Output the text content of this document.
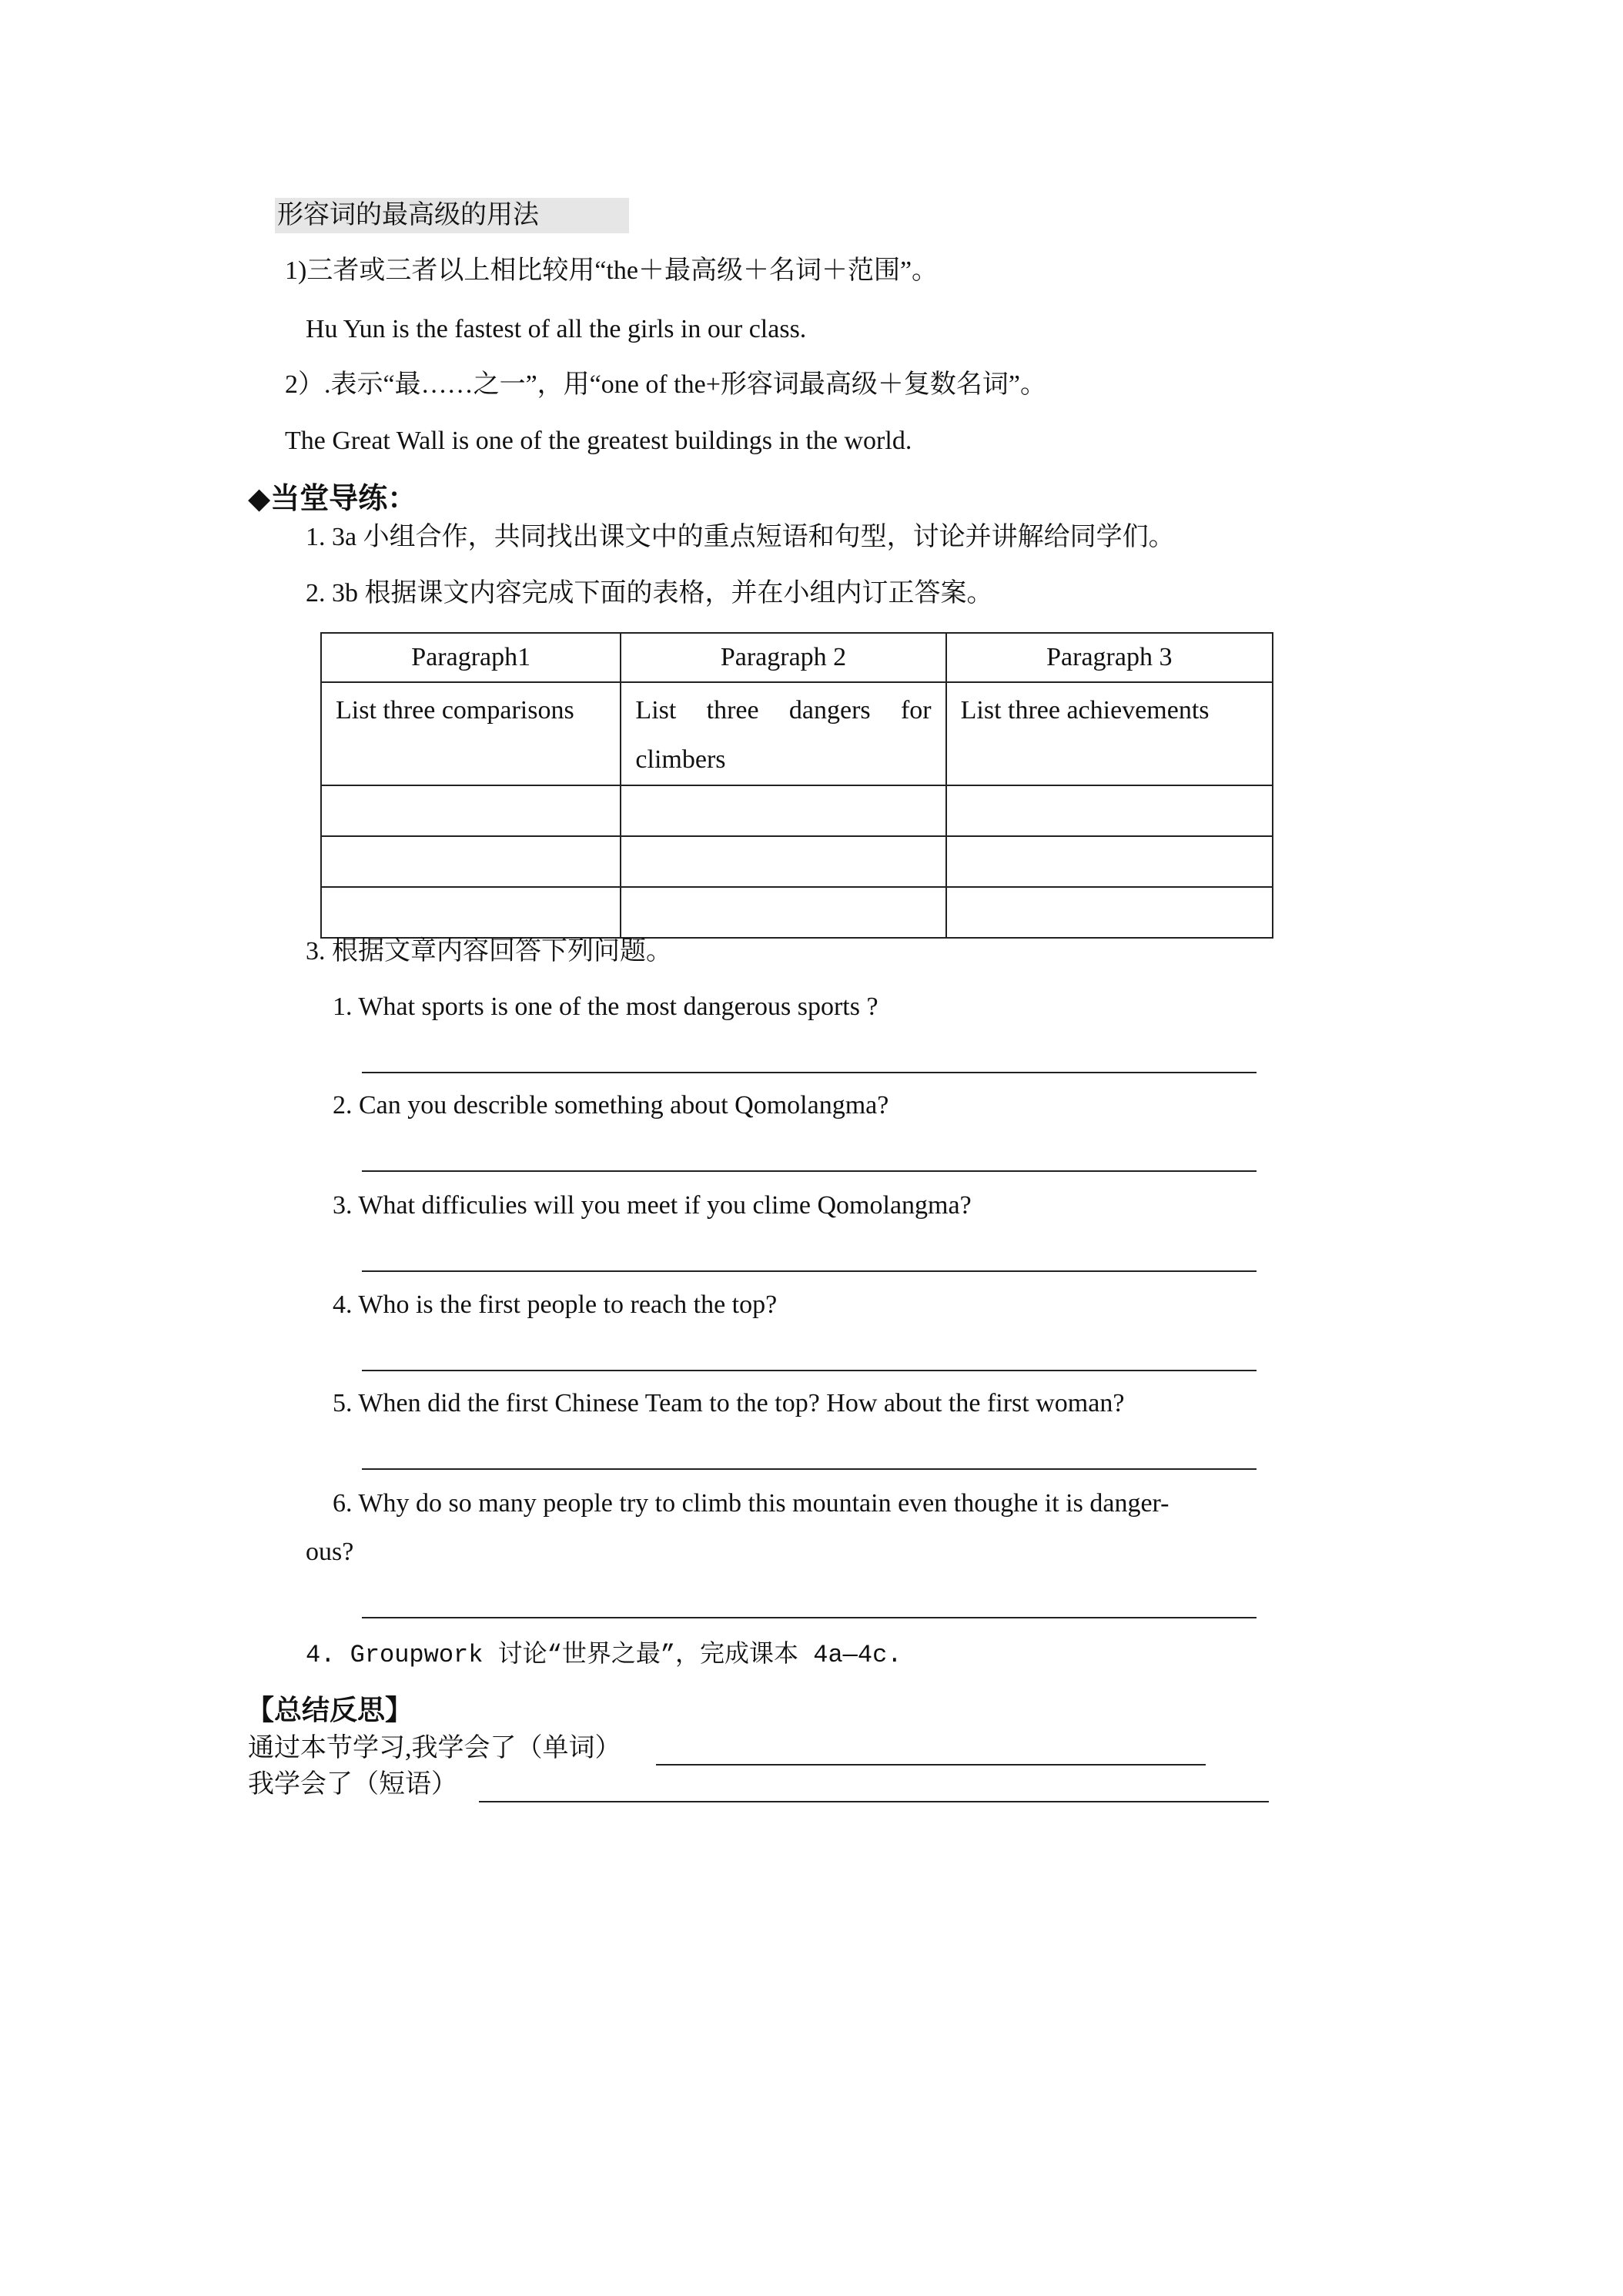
形容词的最高级的用法
1)三者或三者以上相比较用“the＋最高级＋名词＋范围”。
Hu Yun is the fastest of all the girls in our class.
2）.表示“最……之一”，用“one of the+形容词最高级＋复数名词”。
The Great Wall is one of the greatest buildings in the world.
◆当堂导练：
1. 3a 小组合作，共同找出课文中的重点短语和句型，讨论并讲解给同学们。
2. 3b 根据课文内容完成下面的表格，并在小组内订正答案。
Paragraph1	Paragraph 2	Paragraph 3
List three comparisons	List three dangers for climbers	List three achievements

3. 根据文章内容回答下列问题。
1. What sports is one of the most dangerous sports ?
2. Can you describle something about Qomolangma?
3. What difficulies will you meet if you clime Qomolangma?
4. Who is the first people to reach the top?
5. When did the first Chinese Team to the top? How about the first woman?
6. Why do so many people try to climb this mountain even thoughe it is danger-
ous?
4. Groupwork 讨论“世界之最”，完成课本 4a—4c.
【总结反思】
通过本节学习,我学会了（单词）
我学会了（短语）
